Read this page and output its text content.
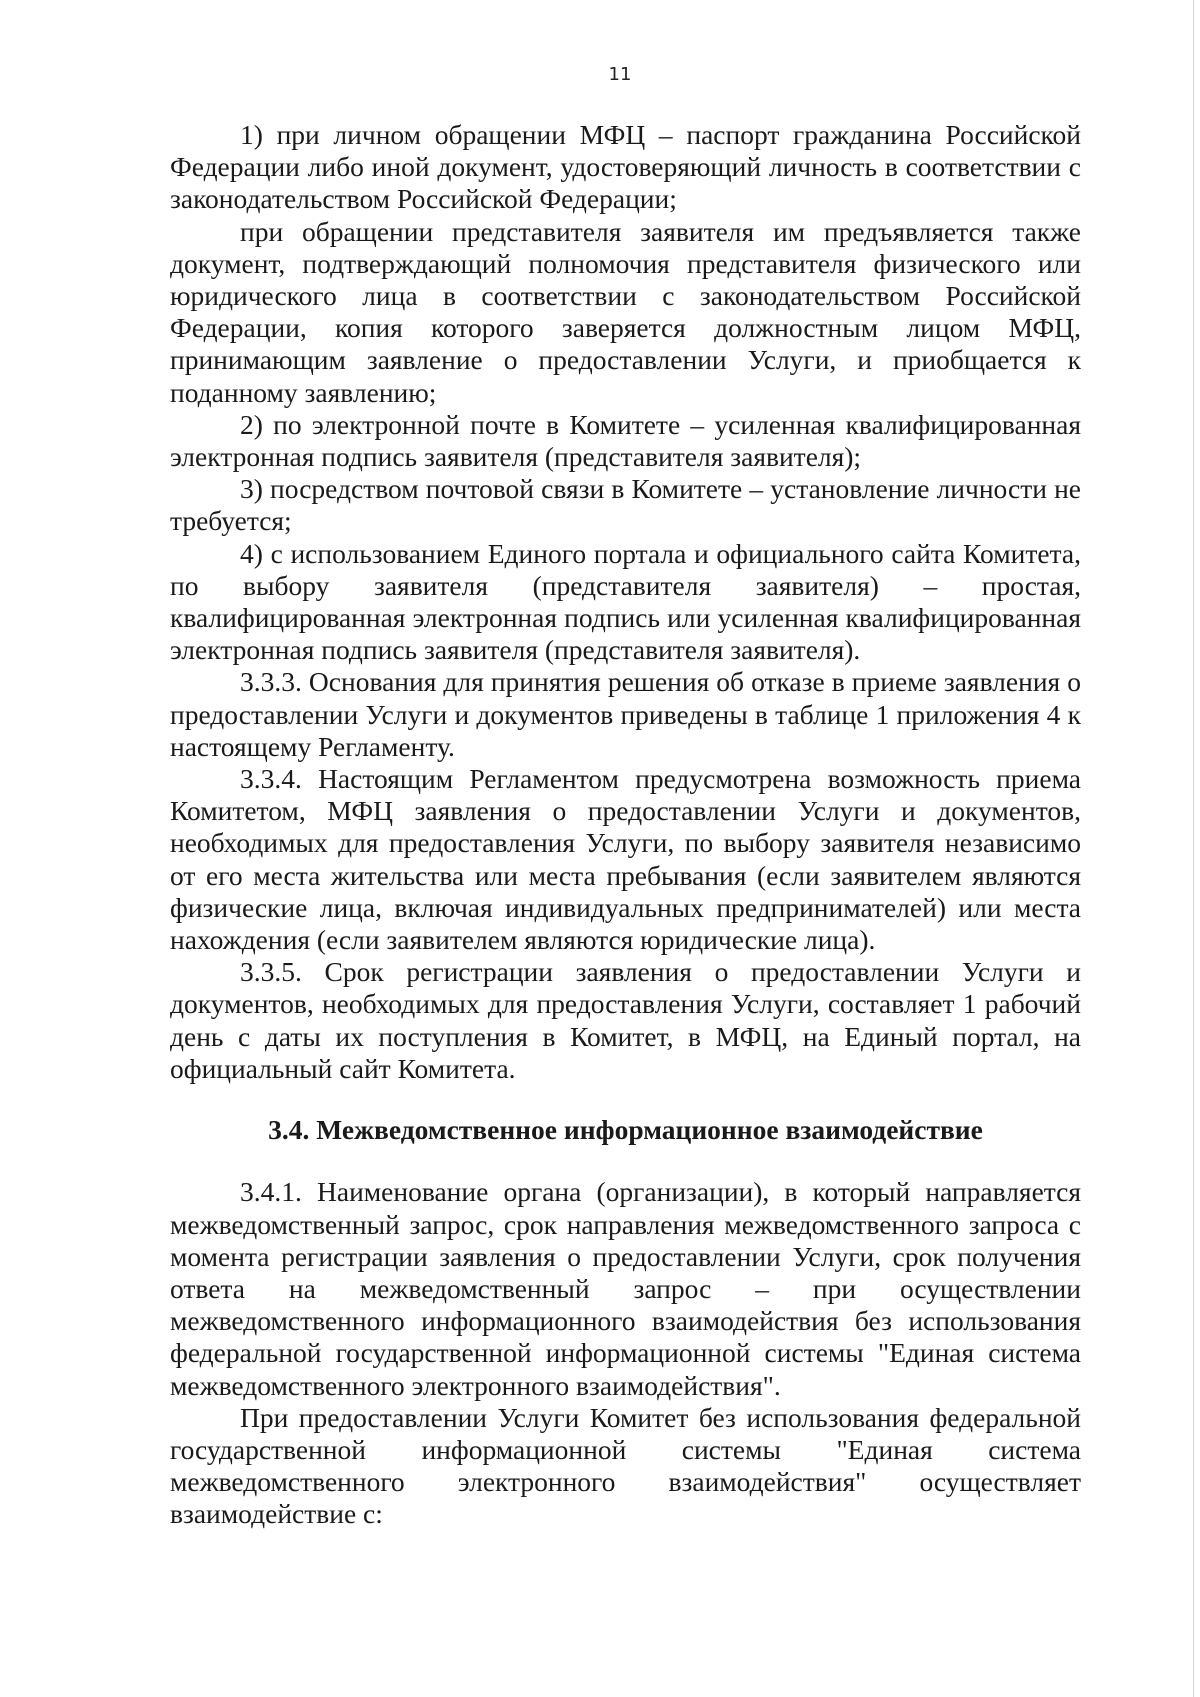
11

1) при личном обращении МФЦ – паспорт гражданина Российской Федерации либо иной документ, удостоверяющий личность в соответствии с законодательством Российской Федерации;

при обращении представителя заявителя им предъявляется также документ, подтверждающий полномочия представителя физического или юридического лица в соответствии с законодательством Российской Федерации, копия которого заверяется должностным лицом МФЦ, принимающим заявление о предоставлении Услуги, и приобщается к поданному заявлению;

2) по электронной почте в Комитете – усиленная квалифицированная электронная подпись заявителя (представителя заявителя);

3) посредством почтовой связи в Комитете – установление личности не требуется;

4) с использованием Единого портала и официального сайта Комитета, по выбору заявителя (представителя заявителя) – простая, квалифицированная электронная подпись или усиленная квалифицированная электронная подпись заявителя (представителя заявителя).

3.3.3. Основания для принятия решения об отказе в приеме заявления о предоставлении Услуги и документов приведены в таблице 1 приложения 4 к настоящему Регламенту.

3.3.4. Настоящим Регламентом предусмотрена возможность приема Комитетом, МФЦ заявления о предоставлении Услуги и документов, необходимых для предоставления Услуги, по выбору заявителя независимо от его места жительства или места пребывания (если заявителем являются физические лица, включая индивидуальных предпринимателей) или места нахождения (если заявителем являются юридические лица).

3.3.5. Срок регистрации заявления о предоставлении Услуги и документов, необходимых для предоставления Услуги, составляет 1 рабочий день с даты их поступления в Комитет, в МФЦ, на Единый портал, на официальный сайт Комитета.

3.4. Межведомственное информационное взаимодействие

3.4.1. Наименование органа (организации), в который направляется межведомственный запрос, срок направления межведомственного запроса с момента регистрации заявления о предоставлении Услуги, срок получения ответа на межведомственный запрос – при осуществлении межведомственного информационного взаимодействия без использования федеральной государственной информационной системы "Единая система межведомственного электронного взаимодействия".

При предоставлении Услуги Комитет без использования федеральной государственной информационной системы "Единая система межведомственного электронного взаимодействия" осуществляет взаимодействие с:
